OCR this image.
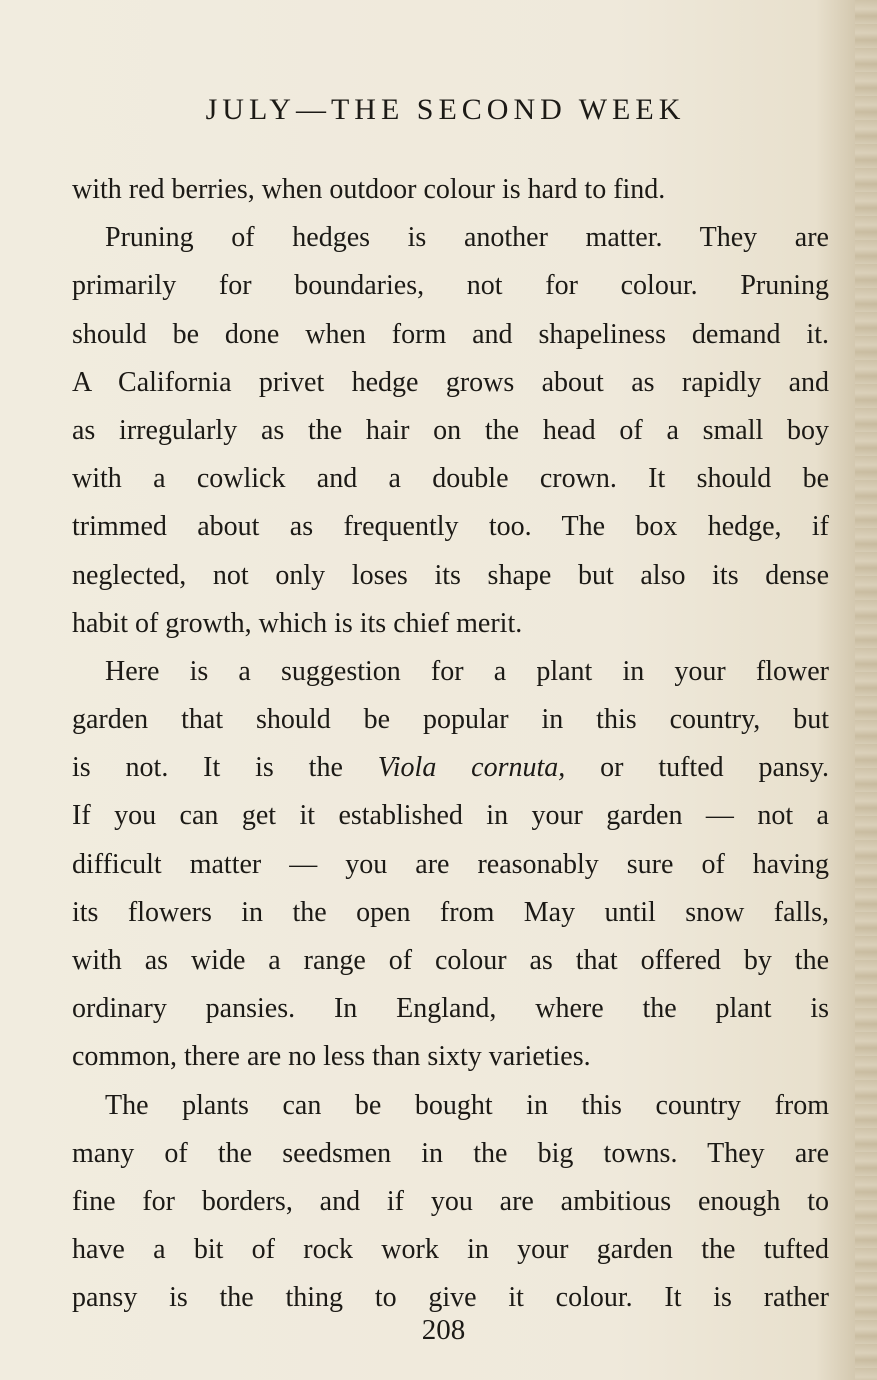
JULY—THE SECOND WEEK
with red berries, when outdoor colour is hard to find.
Pruning of hedges is another matter. They are
primarily for boundaries, not for colour. Pruning
should be done when form and shapeliness demand it.
A California privet hedge grows about as rapidly and
as irregularly as the hair on the head of a small boy
with a cowlick and a double crown. It should be
trimmed about as frequently too. The box hedge, if
neglected, not only loses its shape but also its dense
habit of growth, which is its chief merit.
Here is a suggestion for a plant in your flower
garden that should be popular in this country, but
is not. It is the Viola cornuta, or tufted pansy.
If you can get it established in your garden — not a
difficult matter — you are reasonably sure of having
its flowers in the open from May until snow falls,
with as wide a range of colour as that offered by the
ordinary pansies. In England, where the plant is
common, there are no less than sixty varieties.
The plants can be bought in this country from
many of the seedsmen in the big towns. They are
fine for borders, and if you are ambitious enough to
have a bit of rock work in your garden the tufted
pansy is the thing to give it colour. It is rather
208
